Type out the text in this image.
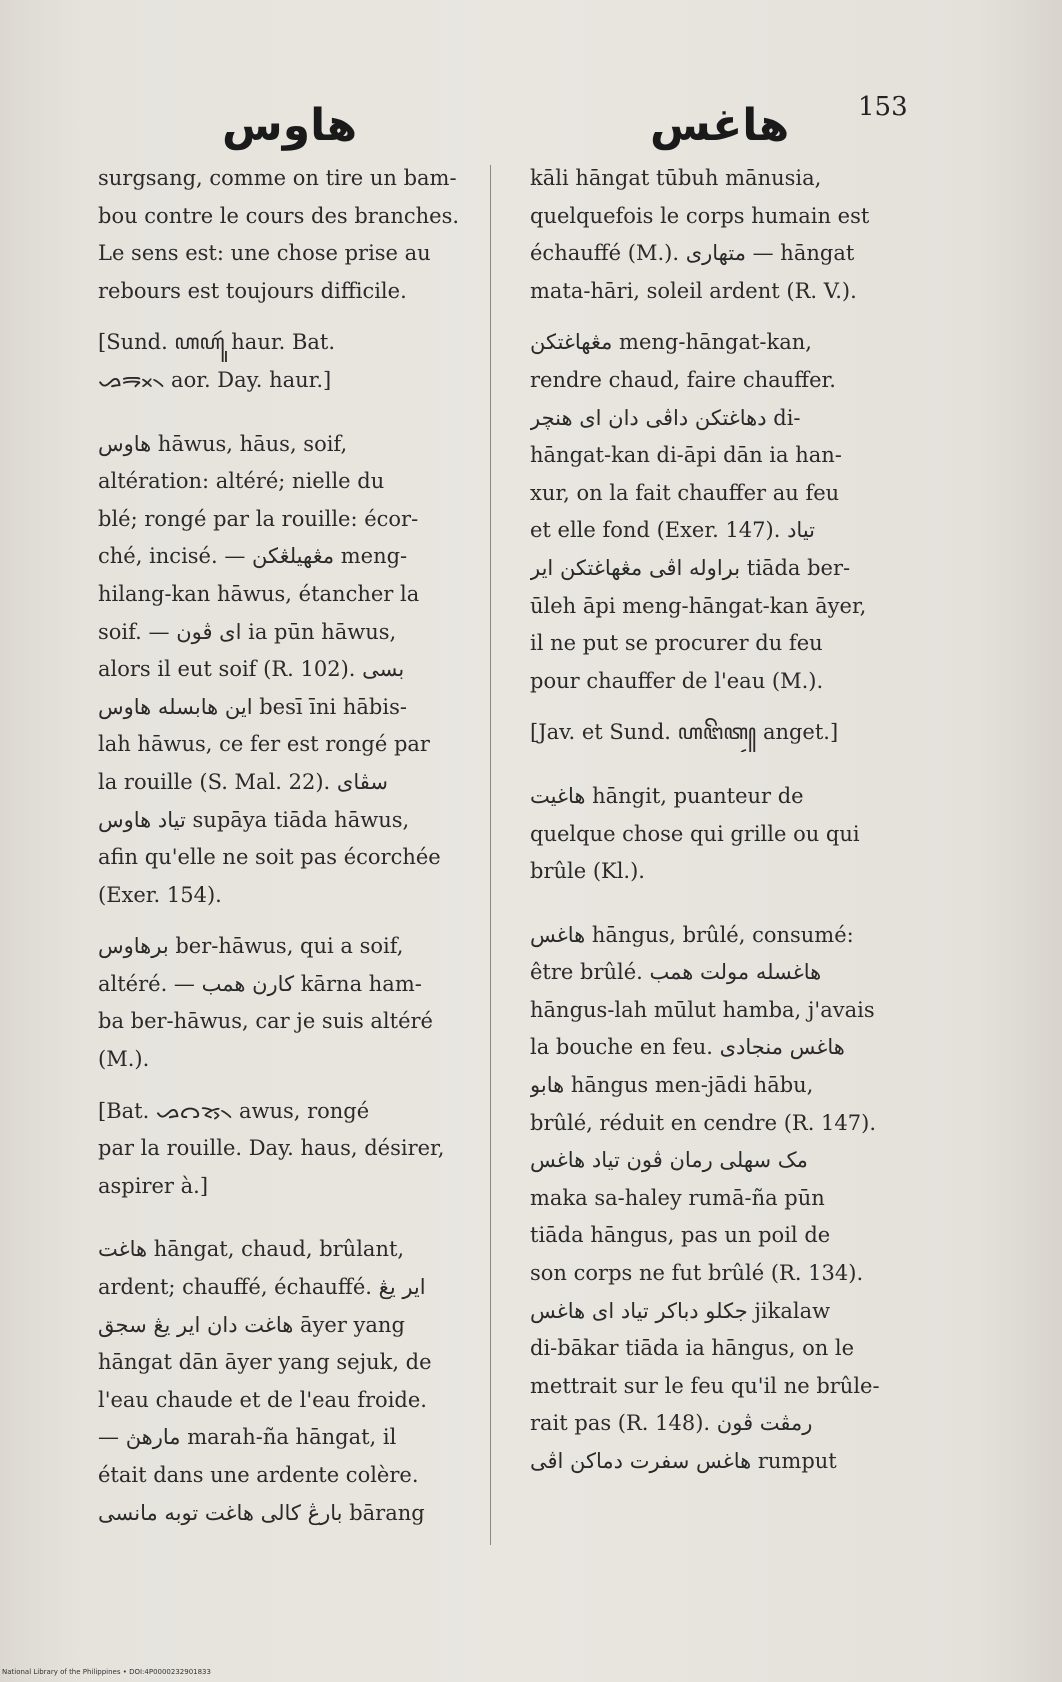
هاوس	هاغس	153

surgsang, comme on tire un bam-
bou contre le cours des branches.
Le sens est: une chose prise au
rebours est toujours difficile.

[Sund. ꦲꦲꦸꦂ haur. Bat.
ᯀᯬᯒ᯲ aor. Day. haur.]

هاوس hāwus, hāus, soif,
altération: altéré; nielle du
blé; rongé par la rouille: écor-
ché, incisé. — مڠهيلڠکن meng-
hilang-kan hāwus, étancher la
soif. — اى ڤون ia pūn hāwus,
alors il eut soif (R. 102). بسى
اين هابسله هاوس besī īni hābis-
lah hāwus, ce fer est rongé par
la rouille (S. Mal. 22). سڤاى
تياد هاوس supāya tiāda hāwus,
afin qu'elle ne soit pas écorchée
(Exer. 154).

برهاوس ber-hāwus, qui a soif,
altéré. — کارن همب kārna ham-
ba ber-hāwus, car je suis altéré
(M.).

[Bat. ᯀᯋᯮᯘ᯲ awus, rongé
par la rouille. Day. haus, désirer,
aspirer à.]

هاغت hāngat, chaud, brûlant,
ardent; chauffé, échauffé. اير يڠ
هاغت دان اير يڠ سجق āyer yang
hāngat dān āyer yang sejuk, de
l'eau chaude et de l'eau froide.
— مارهڽ marah-ña hāngat, il
était dans une ardente colère.
بارڠ کالى هاغت توبه مانسى bārang

kāli hāngat tūbuh mānusia,
quelquefois le corps humain est
échauffé (M.). متهارى — hāngat
mata-hāri, soleil ardent (R. V.).

مڠهاغتکن meng-hāngat-kan,
rendre chaud, faire chauffer.
دهاغتکن داڤى دان اى هنچر di-
hāngat-kan di-āpi dān ia han-
xur, on la fait chauffer au feu
et elle fond (Exer. 147). تياد
براوله اڤى مڠهاغتکن اير tiāda ber-
ūleh āpi meng-hāngat-kan āyer,
il ne put se procurer du feu
pour chauffer de l'eau (M.).

[Jav. et Sund. ꦲꦔꦼꦠ꧀ anget.]

هاغيت hāngit, puanteur de
quelque chose qui grille ou qui
brûle (Kl.).

هاغس hāngus, brûlé, consumé:
être brûlé. هاغسله مولت همب
hāngus-lah mūlut hamba, j'avais
la bouche en feu. هاغس منجادى
هابو hāngus men-jādi hābu,
brûlé, réduit en cendre (R. 147).
مک سهلى رمان ڤون تياد هاغس
maka sa-haley rumā-ña pūn
tiāda hāngus, pas un poil de
son corps ne fut brûlé (R. 134).
جکلو دباکر تياد اى هاغس jikalaw
di-bākar tiāda ia hāngus, on le
mettrait sur le feu qu'il ne brûle-
rait pas (R. 148). رمڤت ڤون
هاغس سفرت دماکن اڤى rumput

National Library of the Philippines • DOI:4P0000232901833
